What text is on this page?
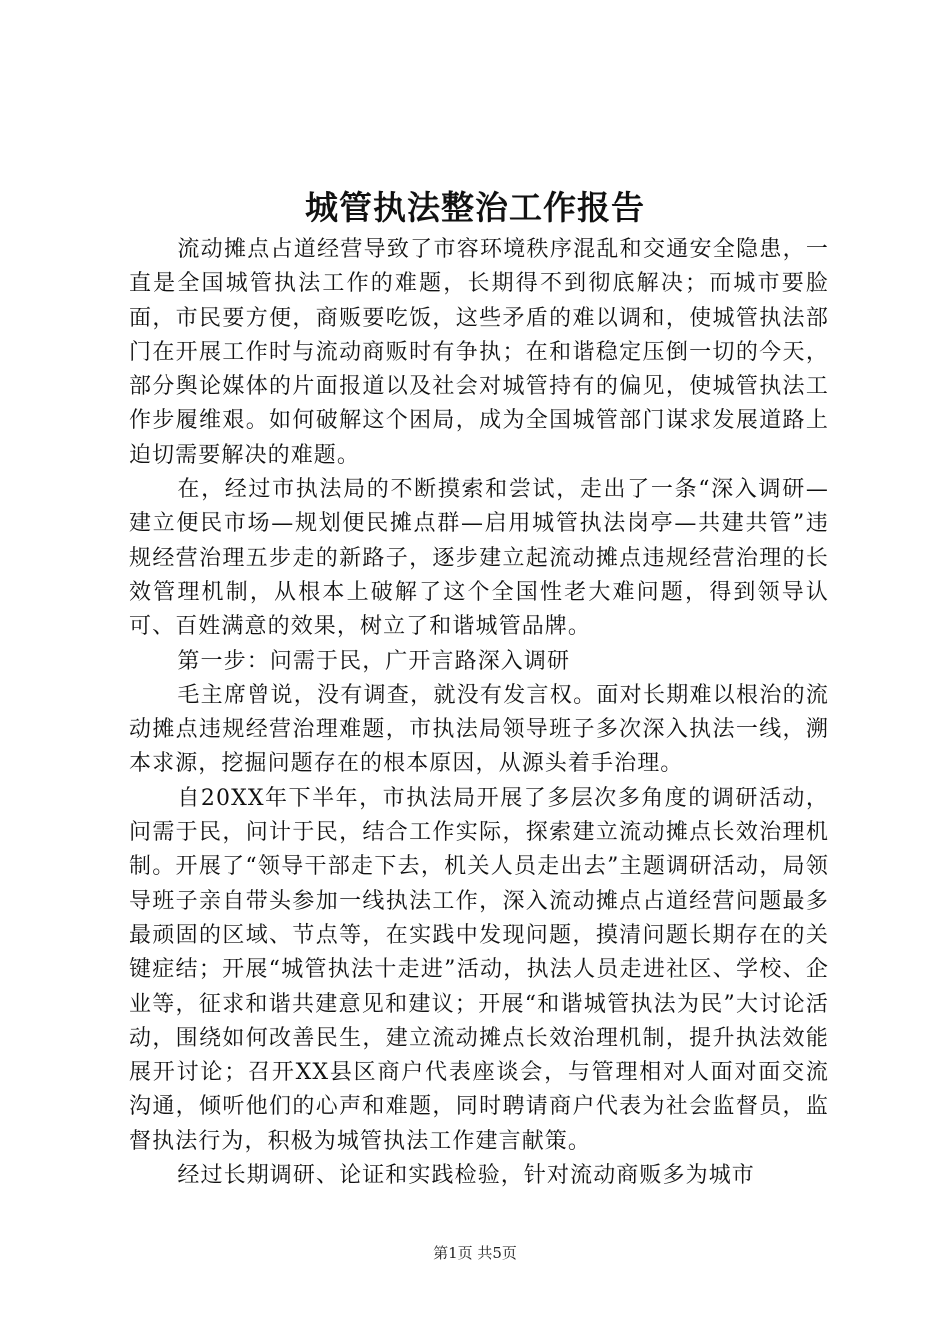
城管执法整治工作报告

流动摊点占道经营导致了市容环境秩序混乱和交通安全隐患，一直是全国城管执法工作的难题，长期得不到彻底解决；而城市要脸面，市民要方便，商贩要吃饭，这些矛盾的难以调和，使城管执法部门在开展工作时与流动商贩时有争执；在和谐稳定压倒一切的今天，部分舆论媒体的片面报道以及社会对城管持有的偏见，使城管执法工作步履维艰。如何破解这个困局，成为全国城管部门谋求发展道路上迫切需要解决的难题。

在，经过市执法局的不断摸索和尝试，走出了一条“深入调研—建立便民市场—规划便民摊点群—启用城管执法岗亭—共建共管”违规经营治理五步走的新路子，逐步建立起流动摊点违规经营治理的长效管理机制，从根本上破解了这个全国性老大难问题，得到领导认可、百姓满意的效果，树立了和谐城管品牌。

第一步：问需于民，广开言路深入调研

毛主席曾说，没有调查，就没有发言权。面对长期难以根治的流动摊点违规经营治理难题，市执法局领导班子多次深入执法一线，溯本求源，挖掘问题存在的根本原因，从源头着手治理。

自20XX年下半年，市执法局开展了多层次多角度的调研活动，问需于民，问计于民，结合工作实际，探索建立流动摊点长效治理机制。开展了“领导干部走下去，机关人员走出去”主题调研活动，局领导班子亲自带头参加一线执法工作，深入流动摊点占道经营问题最多最顽固的区域、节点等，在实践中发现问题，摸清问题长期存在的关键症结；开展“城管执法十走进”活动，执法人员走进社区、学校、企业等，征求和谐共建意见和建议；开展“和谐城管执法为民”大讨论活动，围绕如何改善民生，建立流动摊点长效治理机制，提升执法效能展开讨论；召开XX县区商户代表座谈会，与管理相对人面对面交流沟通，倾听他们的心声和难题，同时聘请商户代表为社会监督员，监督执法行为，积极为城管执法工作建言献策。

经过长期调研、论证和实践检验，针对流动商贩多为城市

第1页 共5页
